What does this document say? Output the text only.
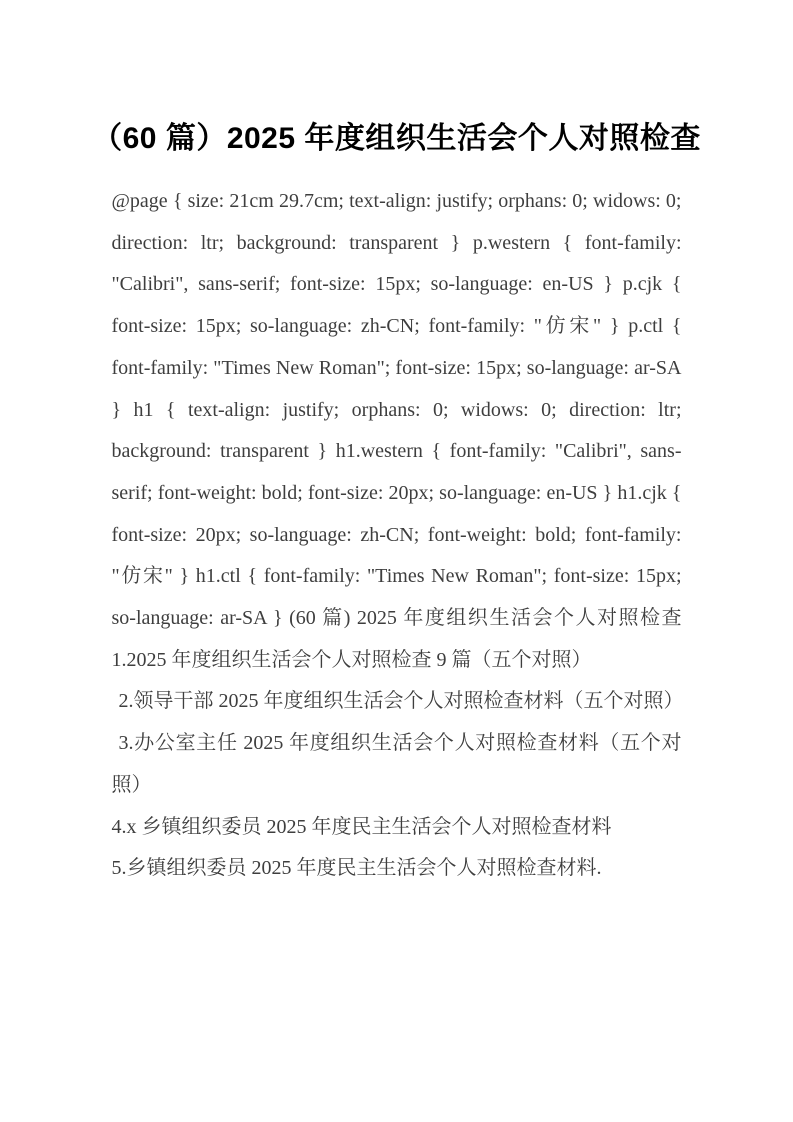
（60 篇）2025 年度组织生活会个人对照检查

@page { size: 21cm 29.7cm; text-align: justify; orphans: 0; widows: 0; direction: ltr; background: transparent } p.western { font-family: "Calibri", sans-serif; font-size: 15px; so-language: en-US } p.cjk { font-size: 15px; so-language: zh-CN; font-family: "仿宋" } p.ctl { font-family: "Times New Roman"; font-size: 15px; so-language: ar-SA } h1 { text-align: justify; orphans: 0; widows: 0; direction: ltr; background: transparent } h1.western { font-family: "Calibri", sans-serif; font-weight: bold; font-size: 20px; so-language: en-US } h1.cjk { font-size: 20px; so-language: zh-CN; font-weight: bold; font-family: "仿宋" } h1.ctl { font-family: "Times New Roman"; font-size: 15px; so-language: ar-SA } (60 篇) 2025 年度组织生活会个人对照检查 1.2025 年度组织生活会个人对照检查 9 篇（五个对照）

2.领导干部 2025 年度组织生活会个人对照检查材料（五个对照）

3.办公室主任 2025 年度组织生活会个人对照检查材料（五个对照）

4.x 乡镇组织委员 2025 年度民主生活会个人对照检查材料

5.乡镇组织委员 2025 年度民主生活会个人对照检查材料.
